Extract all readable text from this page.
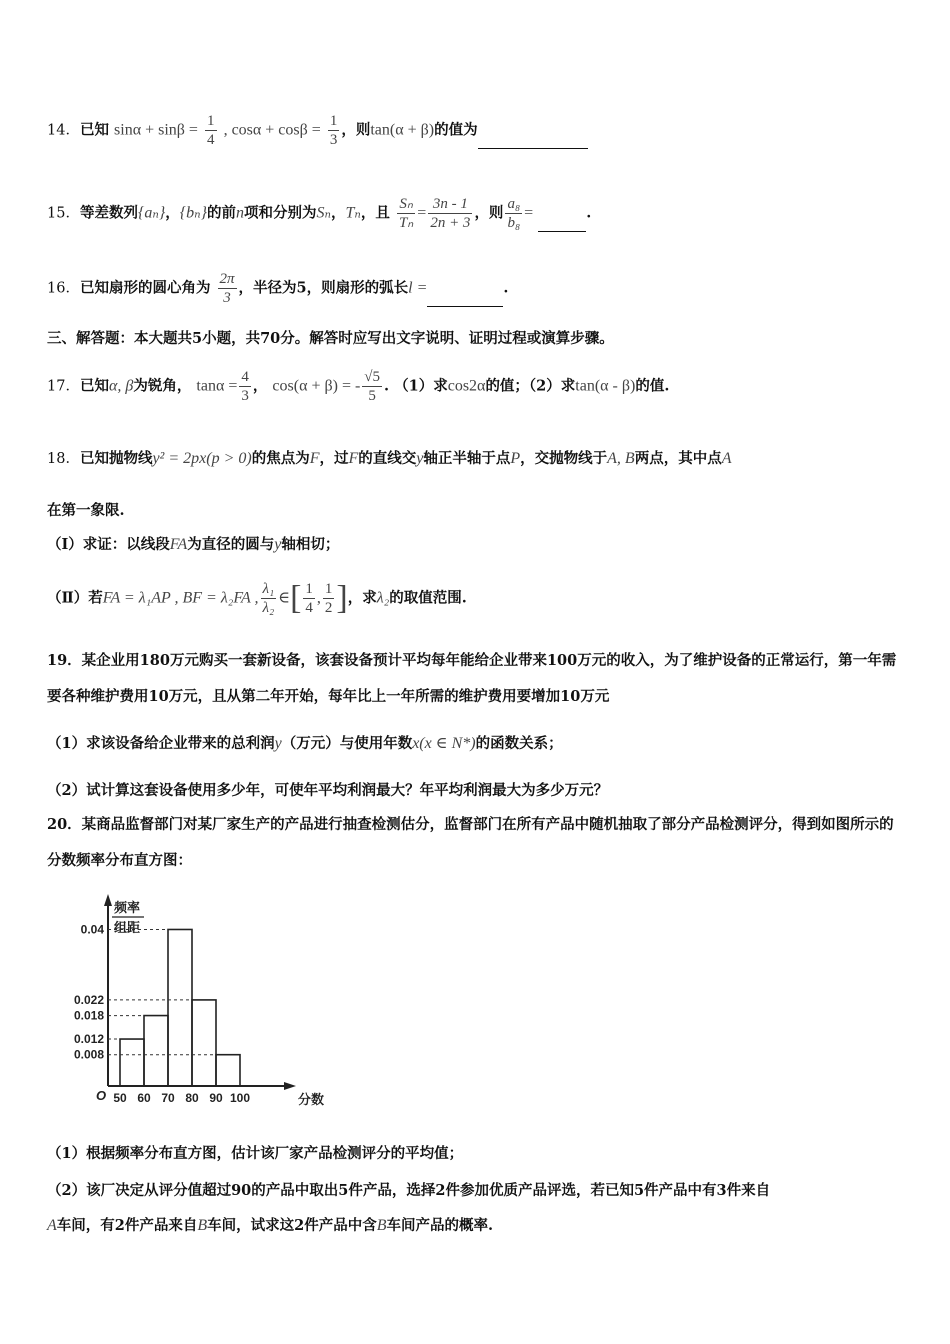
14．已知 $\sin\alpha + \sin\beta = \frac{1}{4}$ , $\cos\alpha + \cos\beta = \frac{1}{3}$ ，则tan(α + β)的值为
15．等差数列{aₙ}，{bₙ}的前n项和分别为Sₙ，Tₙ，且 $\frac{\text{Sₙ}}{\text{Tₙ}} = \frac{3n - 1}{2n + 3}$ ，则 $\frac{\text{a₈}}{\text{b₈}}$ =	.
16．已知扇形的圆心角为 $\frac{2\pi}{3}$ ，半径为5，则扇形的弧长l =	.
三、解答题：本大题共5小题，共70分。解答时应写出文字说明、证明过程或演算步骤。
17．已知α, β为锐角， $\tan\alpha = \frac{4}{3}$ ， cos(α + β) = - $\frac{√5}{5}$ . （1）求cos2α的值；（2）求tan(α - β)的值.
18．已知抛物线y² = 2px(p > 0)的焦点为F，过F的直线交y轴正半轴于点P，交抛物线于A, B两点，其中点A
在第一象限.
（Ⅰ）求证：以线段FA为直径的圆与y轴相切；
（Ⅱ）若FA = λ₁AP , BF = λ₂FA , $\frac{\text{λ₁}}{\text{λ₂}}$ ∈[ $\frac{1}{4}$ , $\frac{1}{2}$ ]，求λ₂的取值范围.
19．某企业用180万元购买一套新设备，该套设备预计平均每年能给企业带来100万元的收入，为了维护设备的正常运行，第一年需要各种维护费用10万元，且从第二年开始，每年比上一年所需的维护费用要增加10万元
（1）求该设备给企业带来的总利润y（万元）与使用年数x(x ∈ N*)的函数关系；
（2）试计算这套设备使用多少年，可使年平均利润最大？年平均利润最大为多少万元？
20．某商品监督部门对某厂家生产的产品进行抽查检测估分，监督部门在所有产品中随机抽取了部分产品检测评分，得到如图所示的分数频率分布直方图：
0.04
0.022
0.018
0.012
0.008
50 60 70 80 90 100
O	分数
频率
组距
（1）根据频率分布直方图，估计该厂家产品检测评分的平均值；
（2）该厂决定从评分值超过90的产品中取出5件产品，选择2件参加优质产品评选，若已知5件产品中有3件来自
A车间，有2件产品来自B车间，试求这2件产品中含B车间产品的概率.
